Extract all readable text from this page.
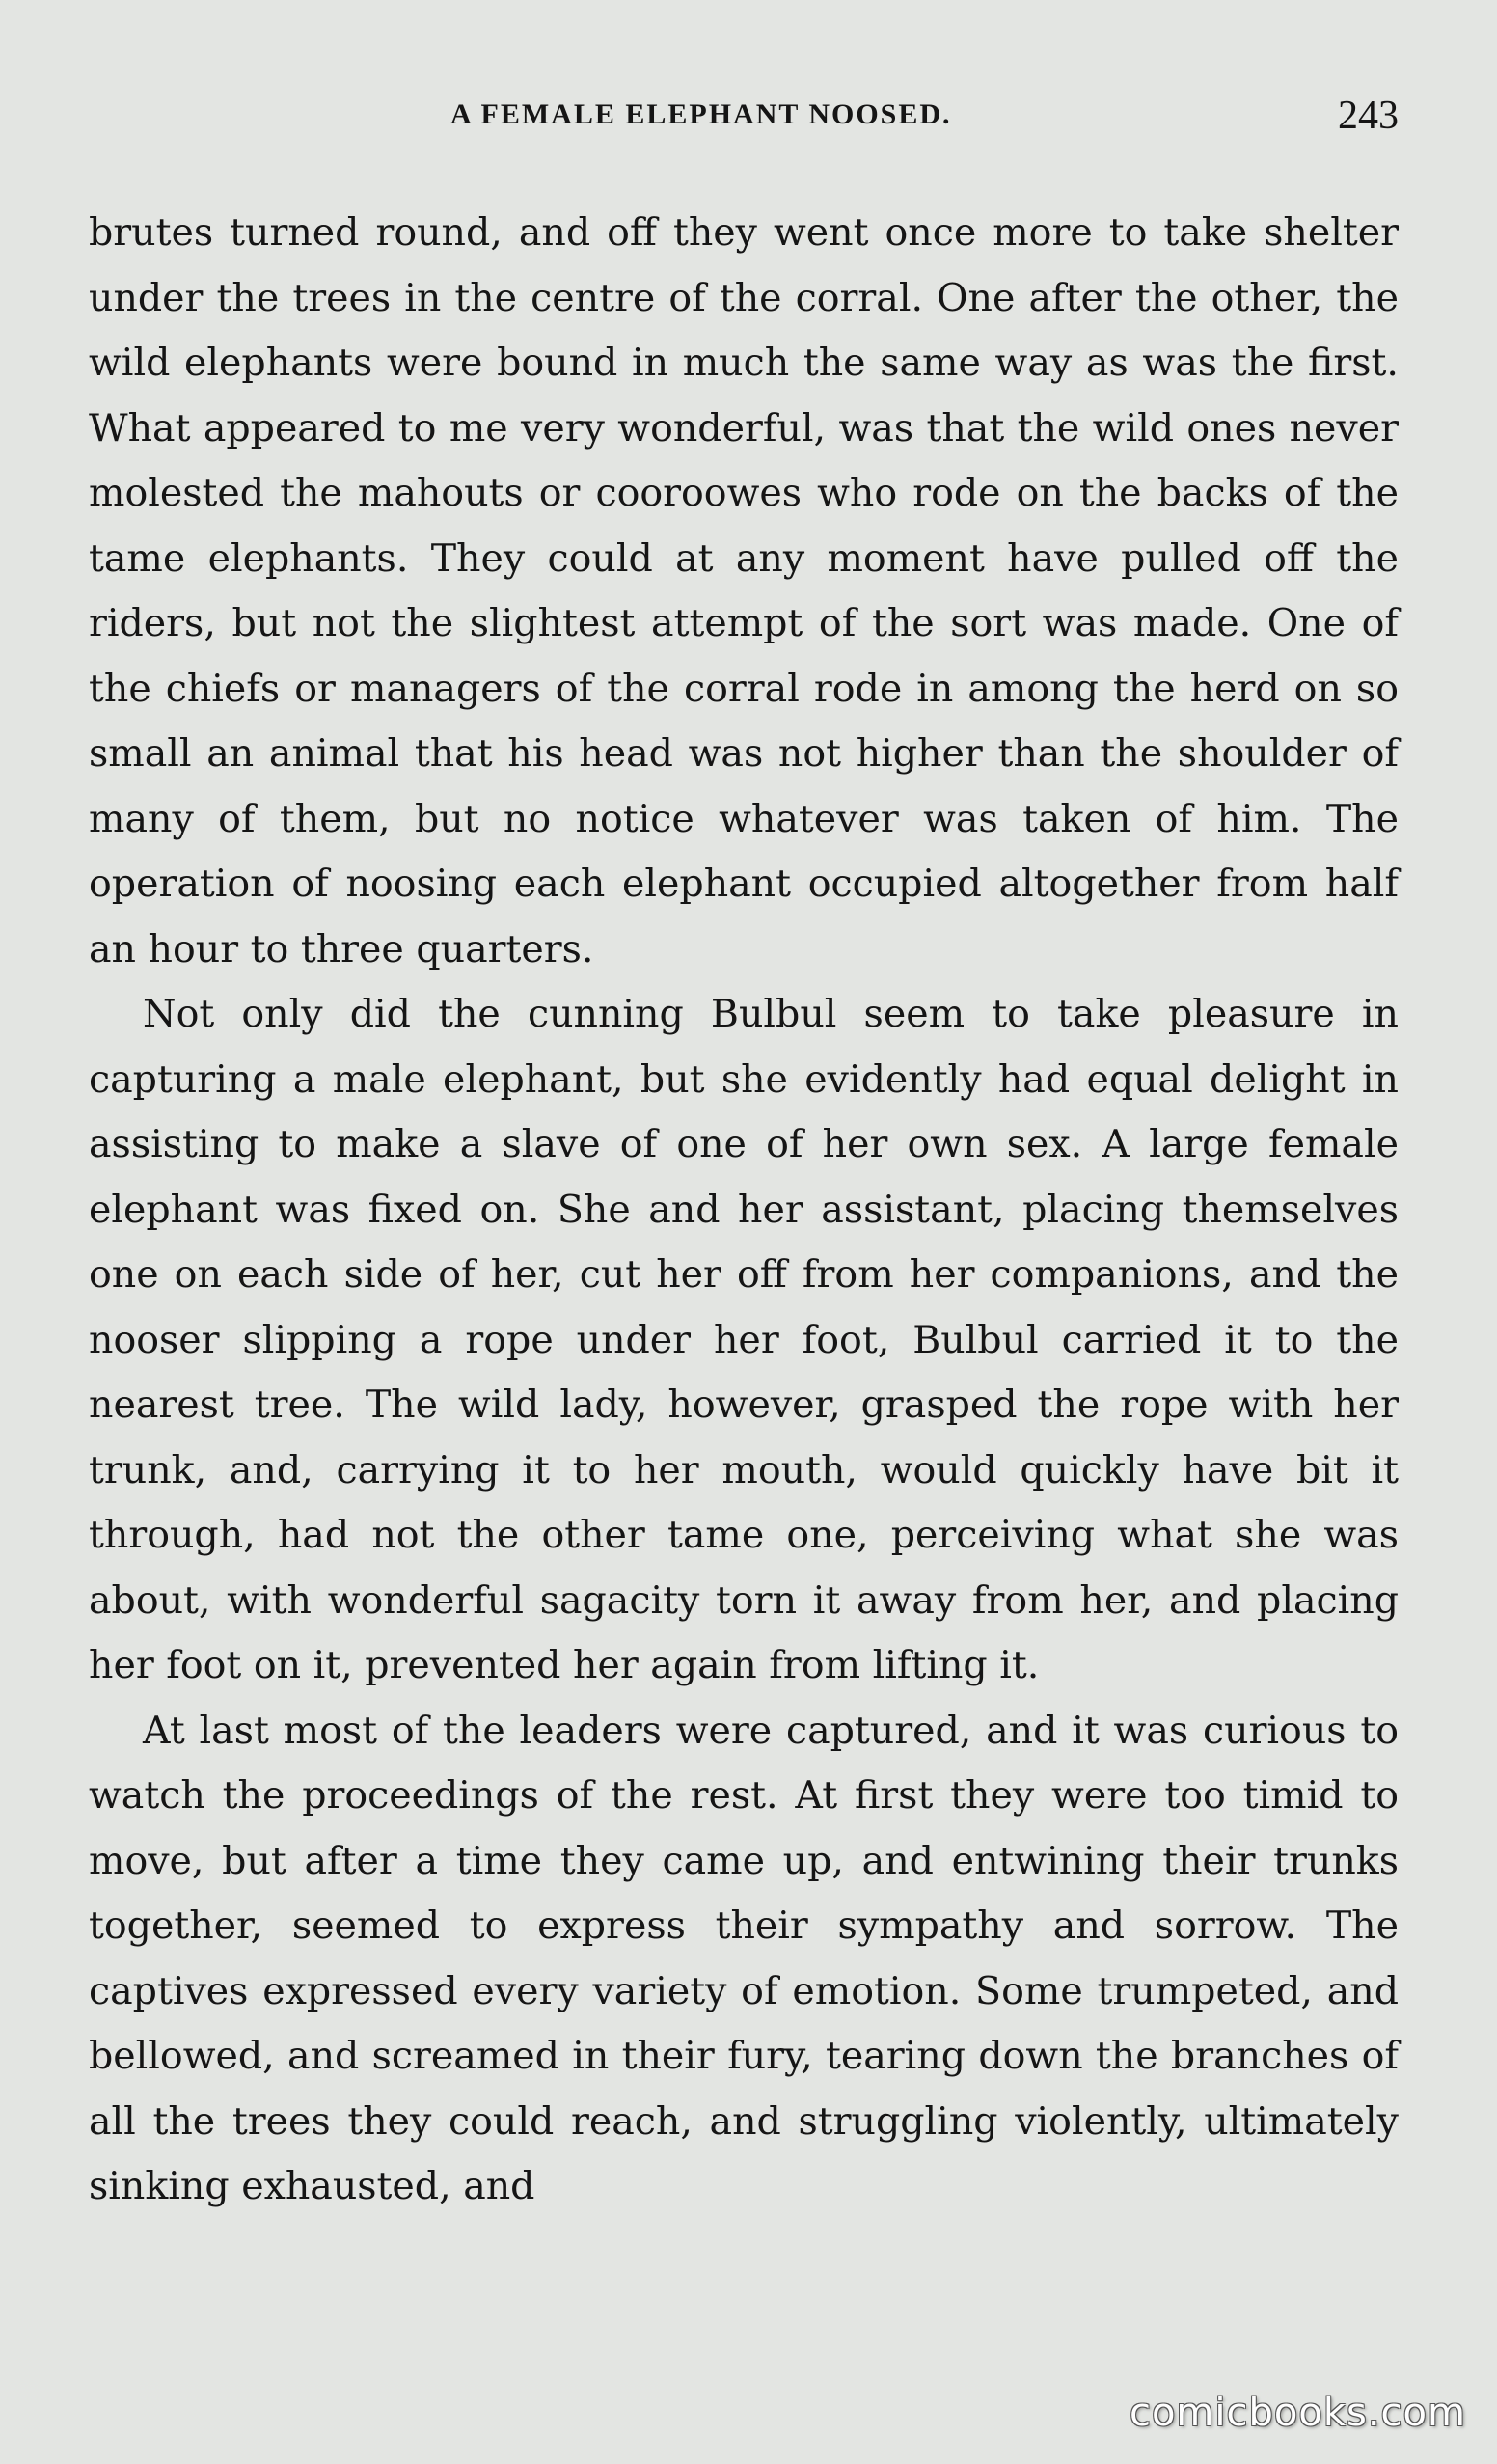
A FEMALE ELEPHANT NOOSED.	243

brutes turned round, and off they went once more to take shelter under the trees in the centre of the corral. One after the other, the wild elephants were bound in much the same way as was the first. What appeared to me very wonderful, was that the wild ones never molested the mahouts or cooroowes who rode on the backs of the tame elephants. They could at any moment have pulled off the riders, but not the slightest attempt of the sort was made. One of the chiefs or managers of the corral rode in among the herd on so small an animal that his head was not higher than the shoulder of many of them, but no notice whatever was taken of him. The operation of noosing each elephant occupied altogether from half an hour to three quarters.

Not only did the cunning Bulbul seem to take pleasure in capturing a male elephant, but she evidently had equal delight in assisting to make a slave of one of her own sex. A large female elephant was fixed on. She and her assistant, placing themselves one on each side of her, cut her off from her companions, and the nooser slipping a rope under her foot, Bulbul carried it to the nearest tree. The wild lady, however, grasped the rope with her trunk, and, carrying it to her mouth, would quickly have bit it through, had not the other tame one, perceiving what she was about, with wonderful sagacity torn it away from her, and placing her foot on it, prevented her again from lifting it.

At last most of the leaders were captured, and it was curious to watch the proceedings of the rest. At first they were too timid to move, but after a time they came up, and entwining their trunks together, seemed to express their sympathy and sorrow. The captives expressed every variety of emotion. Some trumpeted, and bellowed, and screamed in their fury, tearing down the branches of all the trees they could reach, and struggling violently, ultimately sinking exhausted, and

comicbooks.com
